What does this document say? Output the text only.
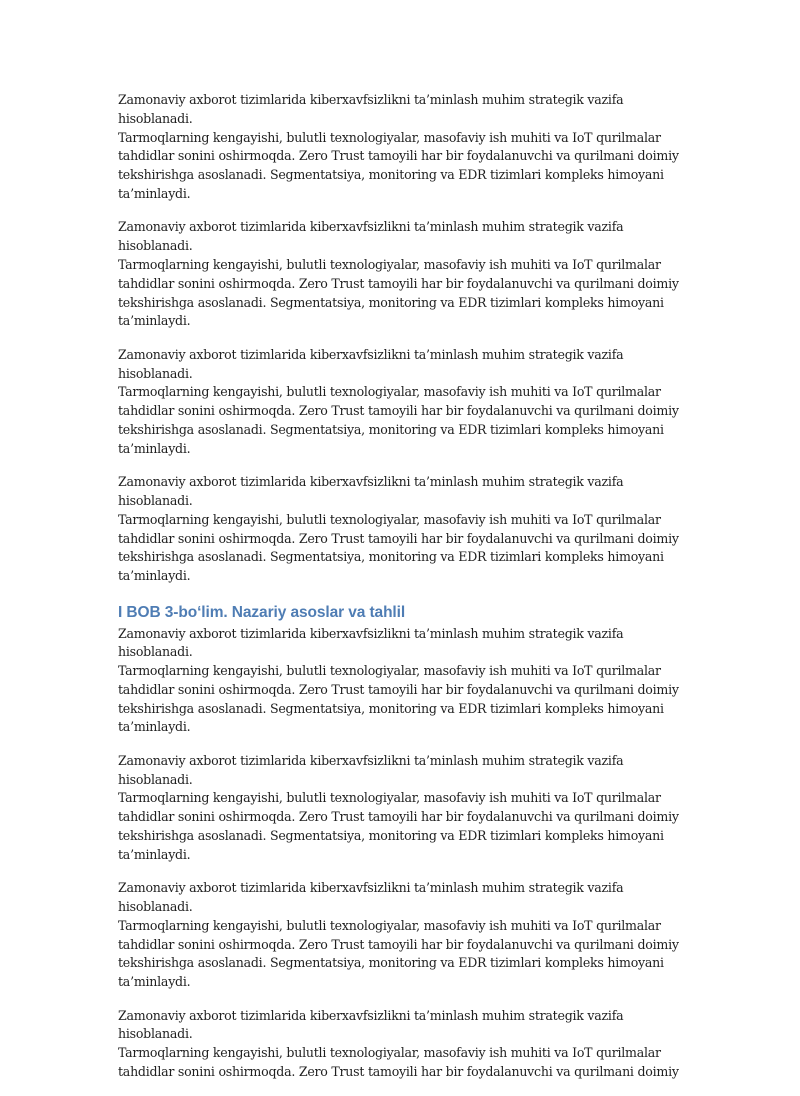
Zamonaviy axborot tizimlarida kiberxavfsizlikni ta’minlash muhim strategik vazifa hisoblanadi.
Tarmoqlarning kengayishi, bulutli texnologiyalar, masofaviy ish muhiti va IoT qurilmalar
tahdidlar sonini oshirmoqda. Zero Trust tamoyili har bir foydalanuvchi va qurilmani doimiy
tekshirishga asoslanadi. Segmentatsiya, monitoring va EDR tizimlari kompleks himoyani
ta’minlaydi.

Zamonaviy axborot tizimlarida kiberxavfsizlikni ta’minlash muhim strategik vazifa hisoblanadi.
Tarmoqlarning kengayishi, bulutli texnologiyalar, masofaviy ish muhiti va IoT qurilmalar
tahdidlar sonini oshirmoqda. Zero Trust tamoyili har bir foydalanuvchi va qurilmani doimiy
tekshirishga asoslanadi. Segmentatsiya, monitoring va EDR tizimlari kompleks himoyani
ta’minlaydi.

Zamonaviy axborot tizimlarida kiberxavfsizlikni ta’minlash muhim strategik vazifa hisoblanadi.
Tarmoqlarning kengayishi, bulutli texnologiyalar, masofaviy ish muhiti va IoT qurilmalar
tahdidlar sonini oshirmoqda. Zero Trust tamoyili har bir foydalanuvchi va qurilmani doimiy
tekshirishga asoslanadi. Segmentatsiya, monitoring va EDR tizimlari kompleks himoyani
ta’minlaydi.

Zamonaviy axborot tizimlarida kiberxavfsizlikni ta’minlash muhim strategik vazifa hisoblanadi.
Tarmoqlarning kengayishi, bulutli texnologiyalar, masofaviy ish muhiti va IoT qurilmalar
tahdidlar sonini oshirmoqda. Zero Trust tamoyili har bir foydalanuvchi va qurilmani doimiy
tekshirishga asoslanadi. Segmentatsiya, monitoring va EDR tizimlari kompleks himoyani
ta’minlaydi.

I BOB 3-bo‘lim. Nazariy asoslar va tahlil

Zamonaviy axborot tizimlarida kiberxavfsizlikni ta’minlash muhim strategik vazifa hisoblanadi.
Tarmoqlarning kengayishi, bulutli texnologiyalar, masofaviy ish muhiti va IoT qurilmalar
tahdidlar sonini oshirmoqda. Zero Trust tamoyili har bir foydalanuvchi va qurilmani doimiy
tekshirishga asoslanadi. Segmentatsiya, monitoring va EDR tizimlari kompleks himoyani
ta’minlaydi.

Zamonaviy axborot tizimlarida kiberxavfsizlikni ta’minlash muhim strategik vazifa hisoblanadi.
Tarmoqlarning kengayishi, bulutli texnologiyalar, masofaviy ish muhiti va IoT qurilmalar
tahdidlar sonini oshirmoqda. Zero Trust tamoyili har bir foydalanuvchi va qurilmani doimiy
tekshirishga asoslanadi. Segmentatsiya, monitoring va EDR tizimlari kompleks himoyani
ta’minlaydi.

Zamonaviy axborot tizimlarida kiberxavfsizlikni ta’minlash muhim strategik vazifa hisoblanadi.
Tarmoqlarning kengayishi, bulutli texnologiyalar, masofaviy ish muhiti va IoT qurilmalar
tahdidlar sonini oshirmoqda. Zero Trust tamoyili har bir foydalanuvchi va qurilmani doimiy
tekshirishga asoslanadi. Segmentatsiya, monitoring va EDR tizimlari kompleks himoyani
ta’minlaydi.

Zamonaviy axborot tizimlarida kiberxavfsizlikni ta’minlash muhim strategik vazifa hisoblanadi.
Tarmoqlarning kengayishi, bulutli texnologiyalar, masofaviy ish muhiti va IoT qurilmalar
tahdidlar sonini oshirmoqda. Zero Trust tamoyili har bir foydalanuvchi va qurilmani doimiy
